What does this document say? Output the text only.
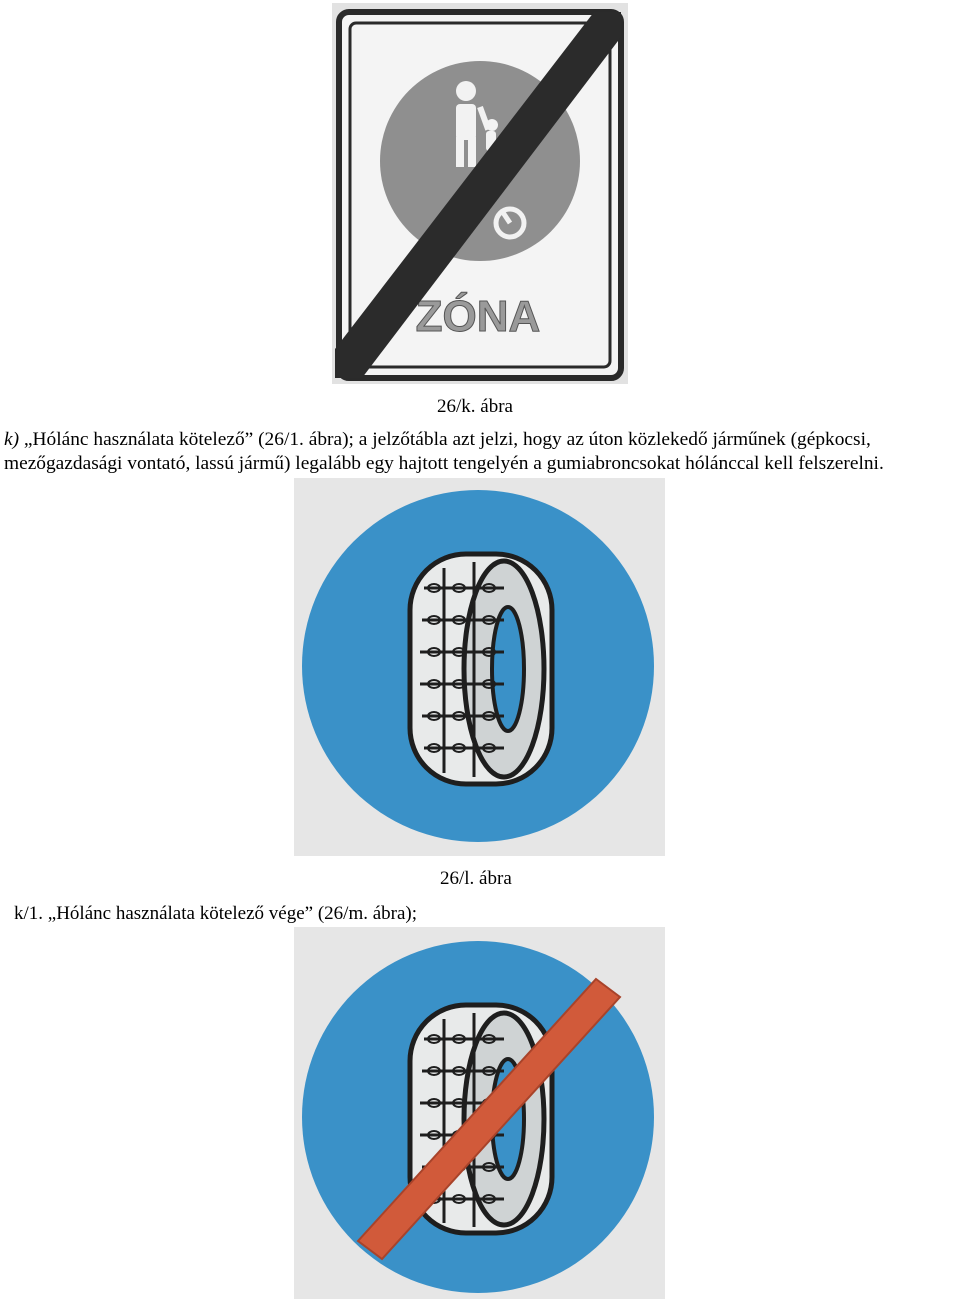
ZÓNA
26/k. ábra
k) „Hólánc használata kötelező” (26/1. ábra); a jelzőtábla azt jelzi, hogy az úton közlekedő járműnek (gépkocsi,
mezőgazdasági vontató, lassú jármű) legalább egy hajtott tengelyén a gumiabroncsokat hólánccal kell felszerelni.
26/l. ábra
k/1. „Hólánc használata kötelező vége” (26/m. ábra);
